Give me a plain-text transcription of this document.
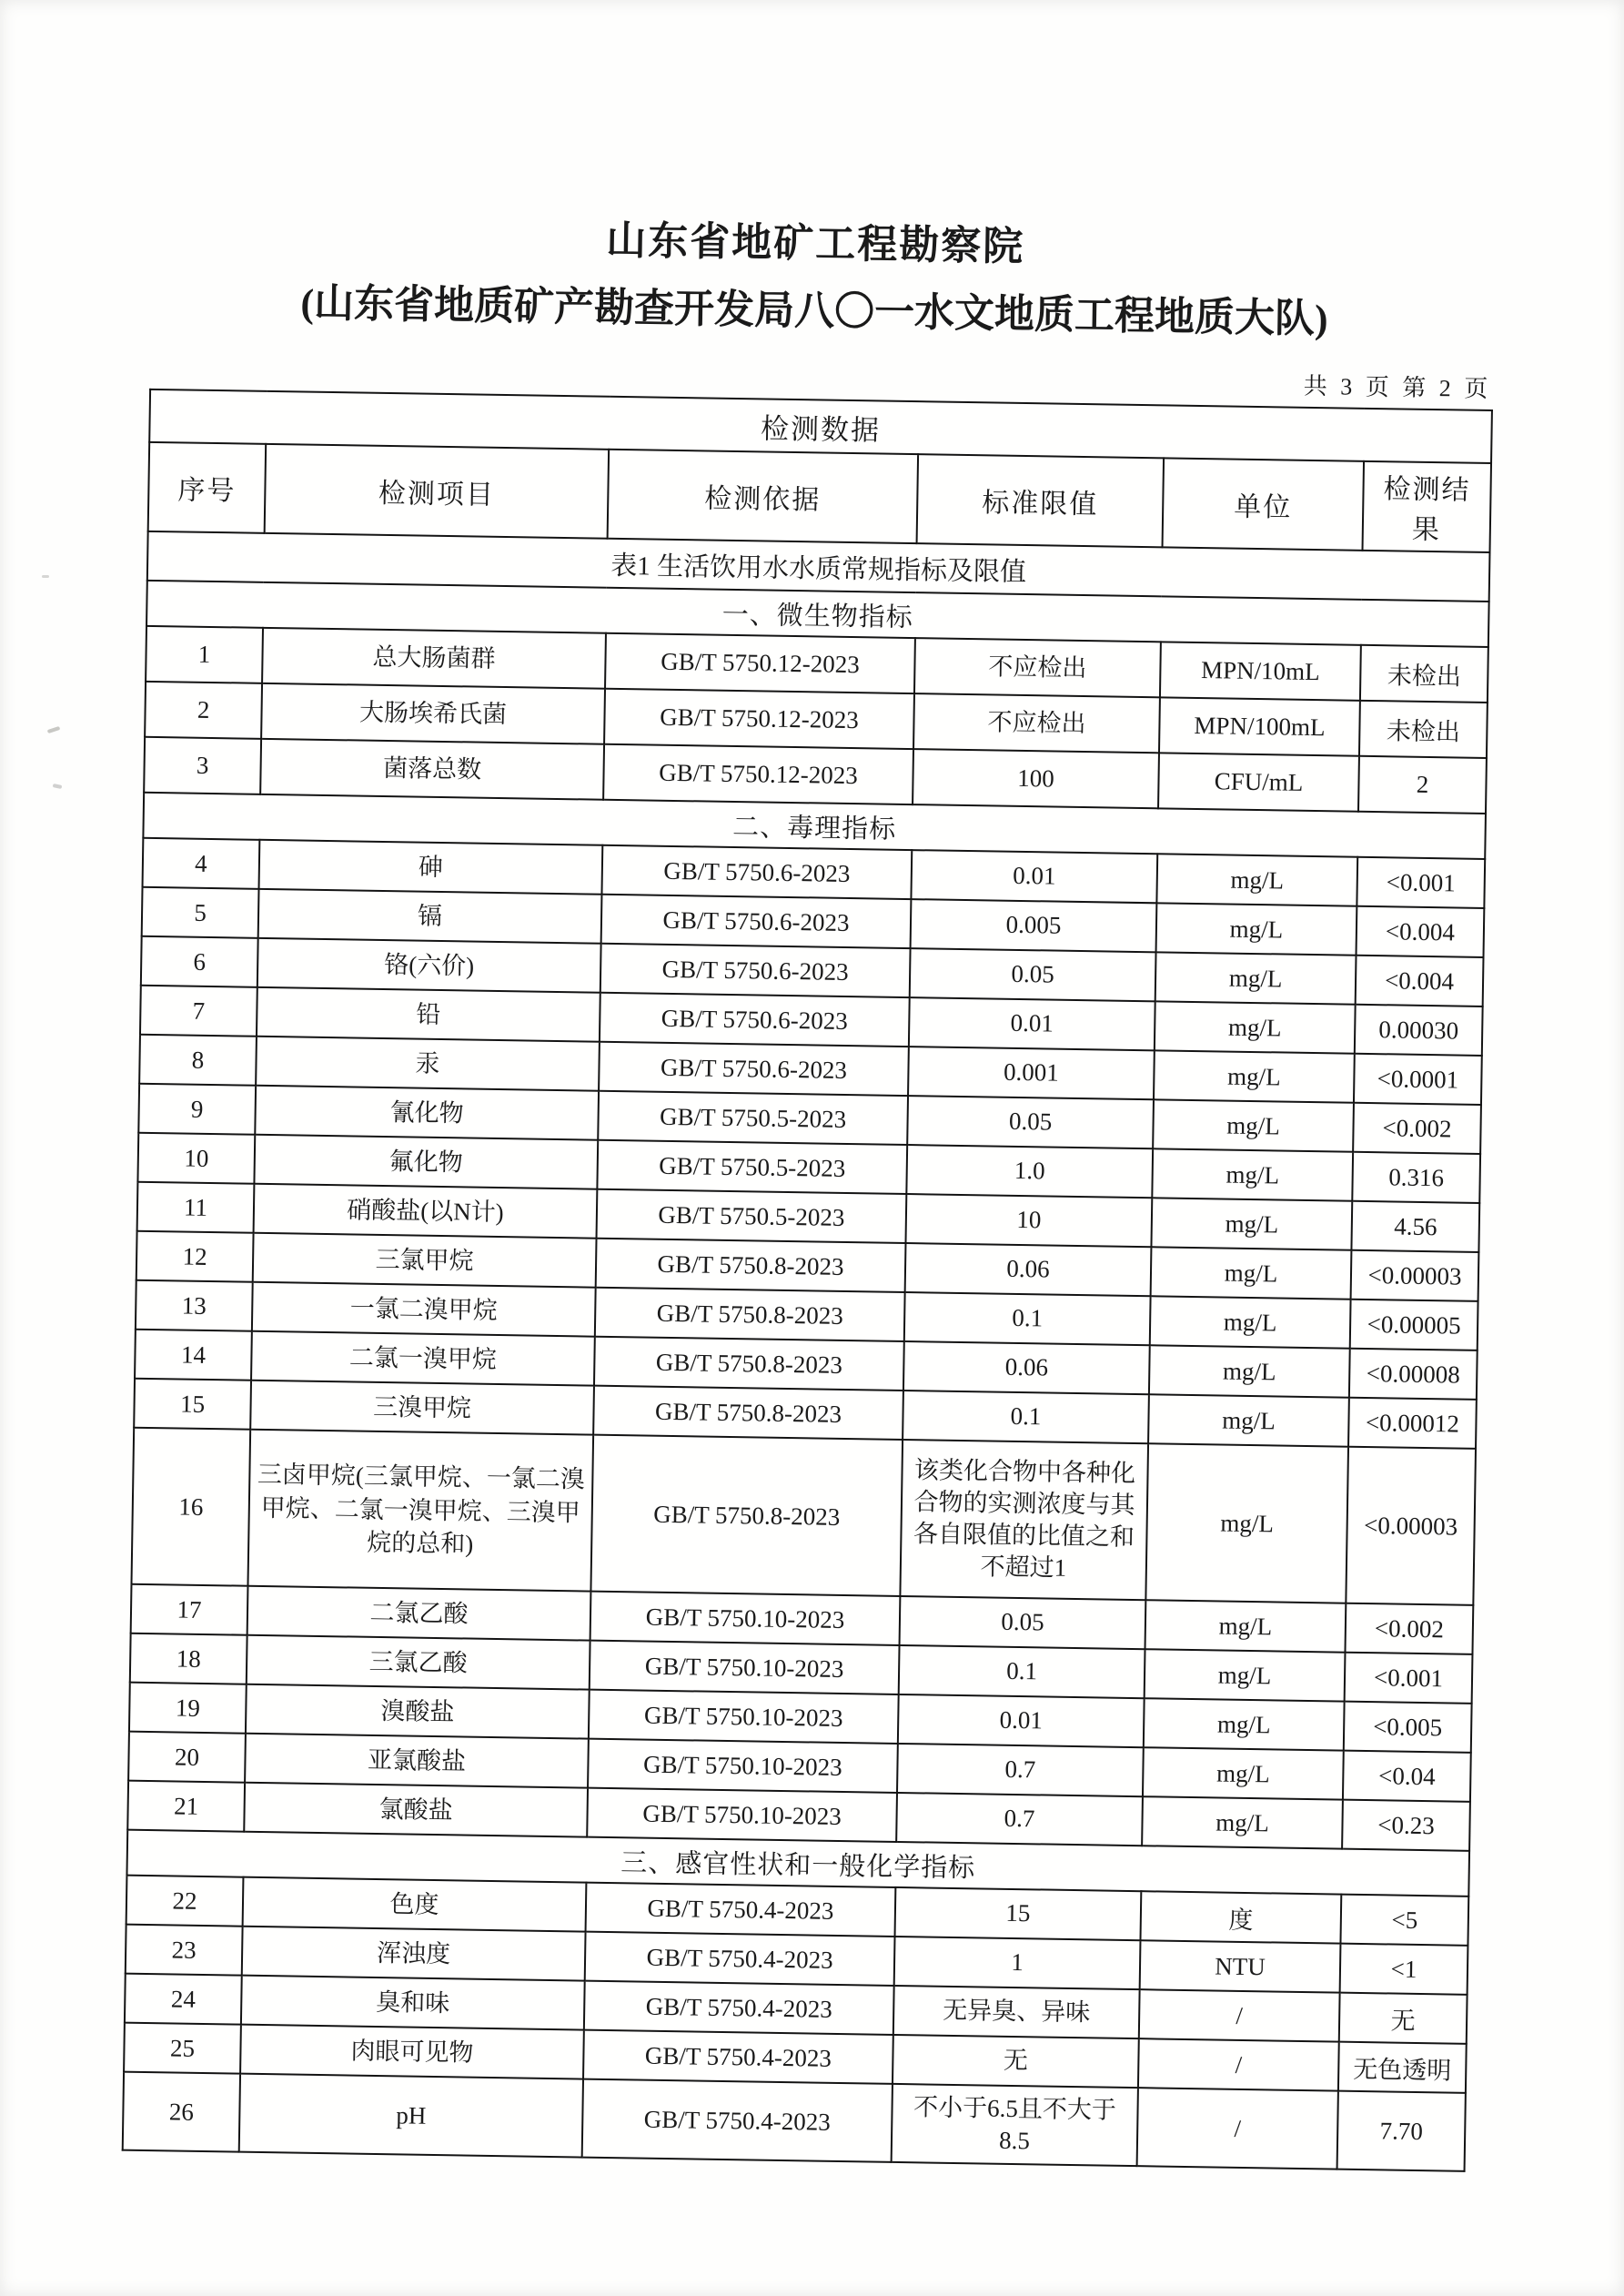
山东省地矿工程勘察院
(山东省地质矿产勘查开发局八〇一水文地质工程地质大队)
共 3 页 第 2 页
检测数据					
序号	检测项目	检测依据	标准限值	单位	检测结果
表1 生活饮用水水质常规指标及限值					
一、微生物指标					
1	总大肠菌群	GB/T 5750.12-2023	不应检出	MPN/10mL	未检出
2	大肠埃希氏菌	GB/T 5750.12-2023	不应检出	MPN/100mL	未检出
3	菌落总数	GB/T 5750.12-2023	100	CFU/mL	2
二、毒理指标					
4	砷	GB/T 5750.6-2023	0.01	mg/L	<0.001
5	镉	GB/T 5750.6-2023	0.005	mg/L	<0.004
6	铬(六价)	GB/T 5750.6-2023	0.05	mg/L	<0.004
7	铅	GB/T 5750.6-2023	0.01	mg/L	0.00030
8	汞	GB/T 5750.6-2023	0.001	mg/L	<0.0001
9	氰化物	GB/T 5750.5-2023	0.05	mg/L	<0.002
10	氟化物	GB/T 5750.5-2023	1.0	mg/L	0.316
11	硝酸盐(以N计)	GB/T 5750.5-2023	10	mg/L	4.56
12	三氯甲烷	GB/T 5750.8-2023	0.06	mg/L	<0.00003
13	一氯二溴甲烷	GB/T 5750.8-2023	0.1	mg/L	<0.00005
14	二氯一溴甲烷	GB/T 5750.8-2023	0.06	mg/L	<0.00008
15	三溴甲烷	GB/T 5750.8-2023	0.1	mg/L	<0.00012
16	三卤甲烷(三氯甲烷、一氯二溴甲烷、二氯一溴甲烷、三溴甲烷的总和)	GB/T 5750.8-2023	该类化合物中各种化合物的实测浓度与其各自限值的比值之和不超过1	mg/L	<0.00003
17	二氯乙酸	GB/T 5750.10-2023	0.05	mg/L	<0.002
18	三氯乙酸	GB/T 5750.10-2023	0.1	mg/L	<0.001
19	溴酸盐	GB/T 5750.10-2023	0.01	mg/L	<0.005
20	亚氯酸盐	GB/T 5750.10-2023	0.7	mg/L	<0.04
21	氯酸盐	GB/T 5750.10-2023	0.7	mg/L	<0.23
三、感官性状和一般化学指标					
22	色度	GB/T 5750.4-2023	15	度	<5
23	浑浊度	GB/T 5750.4-2023	1	NTU	<1
24	臭和味	GB/T 5750.4-2023	无异臭、异味	/	无
25	肉眼可见物	GB/T 5750.4-2023	无	/	无色透明
26	pH	GB/T 5750.4-2023	不小于6.5且不大于8.5	/	7.70
